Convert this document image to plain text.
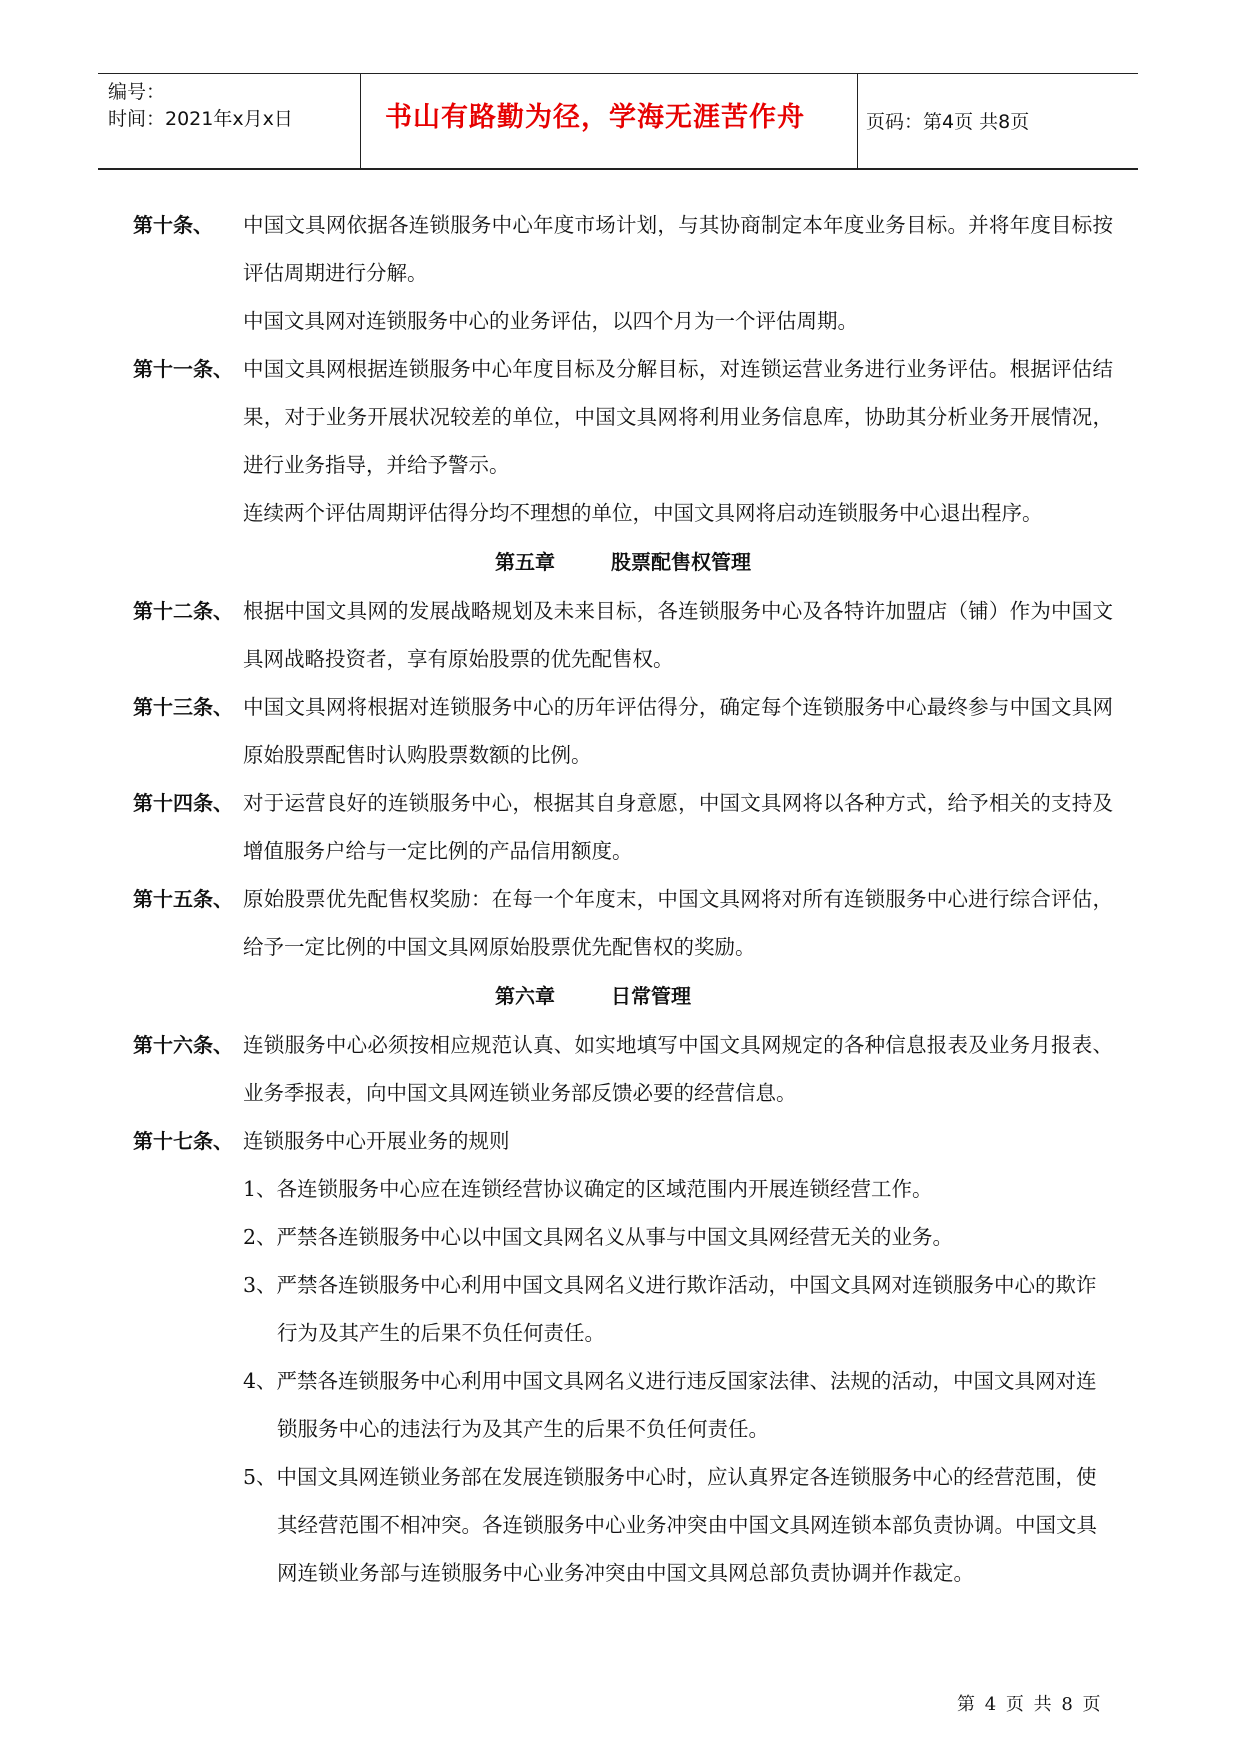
编号：
时间：2021年x月x日	书山有路勤为径，学海无涯苦作舟	页码：第4页 共8页
第十条、	中国文具网依据各连锁服务中心年度市场计划，与其协商制定本年度业务目标。并将年度目标按评估周期进行分解。
中国文具网对连锁服务中心的业务评估，以四个月为一个评估周期。
第十一条、 中国文具网根据连锁服务中心年度目标及分解目标，对连锁运营业务进行业务评估。根据评估结果，对于业务开展状况较差的单位，中国文具网将利用业务信息库，协助其分析业务开展情况，进行业务指导，并给予警示。
连续两个评估周期评估得分均不理想的单位，中国文具网将启动连锁服务中心退出程序。
第五章	股票配售权管理
第十二条、 根据中国文具网的发展战略规划及未来目标，各连锁服务中心及各特许加盟店（铺）作为中国文具网战略投资者，享有原始股票的优先配售权。
第十三条、 中国文具网将根据对连锁服务中心的历年评估得分，确定每个连锁服务中心最终参与中国文具网原始股票配售时认购股票数额的比例。
第十四条、 对于运营良好的连锁服务中心，根据其自身意愿，中国文具网将以各种方式，给予相关的支持及增值服务户给与一定比例的产品信用额度。
第十五条、 原始股票优先配售权奖励：在每一个年度末，中国文具网将对所有连锁服务中心进行综合评估，给予一定比例的中国文具网原始股票优先配售权的奖励。
第六章	日常管理
第十六条、 连锁服务中心必须按相应规范认真、如实地填写中国文具网规定的各种信息报表及业务月报表、业务季报表，向中国文具网连锁业务部反馈必要的经营信息。
第十七条、 连锁服务中心开展业务的规则
1、各连锁服务中心应在连锁经营协议确定的区域范围内开展连锁经营工作。
2、严禁各连锁服务中心以中国文具网名义从事与中国文具网经营无关的业务。
3、严禁各连锁服务中心利用中国文具网名义进行欺诈活动，中国文具网对连锁服务中心的欺诈行为及其产生的后果不负任何责任。
4、严禁各连锁服务中心利用中国文具网名义进行违反国家法律、法规的活动，中国文具网对连锁服务中心的违法行为及其产生的后果不负任何责任。
5、中国文具网连锁业务部在发展连锁服务中心时，应认真界定各连锁服务中心的经营范围，使其经营范围不相冲突。各连锁服务中心业务冲突由中国文具网连锁本部负责协调。中国文具网连锁业务部与连锁服务中心业务冲突由中国文具网总部负责协调并作裁定。
第 4 页 共 8 页
